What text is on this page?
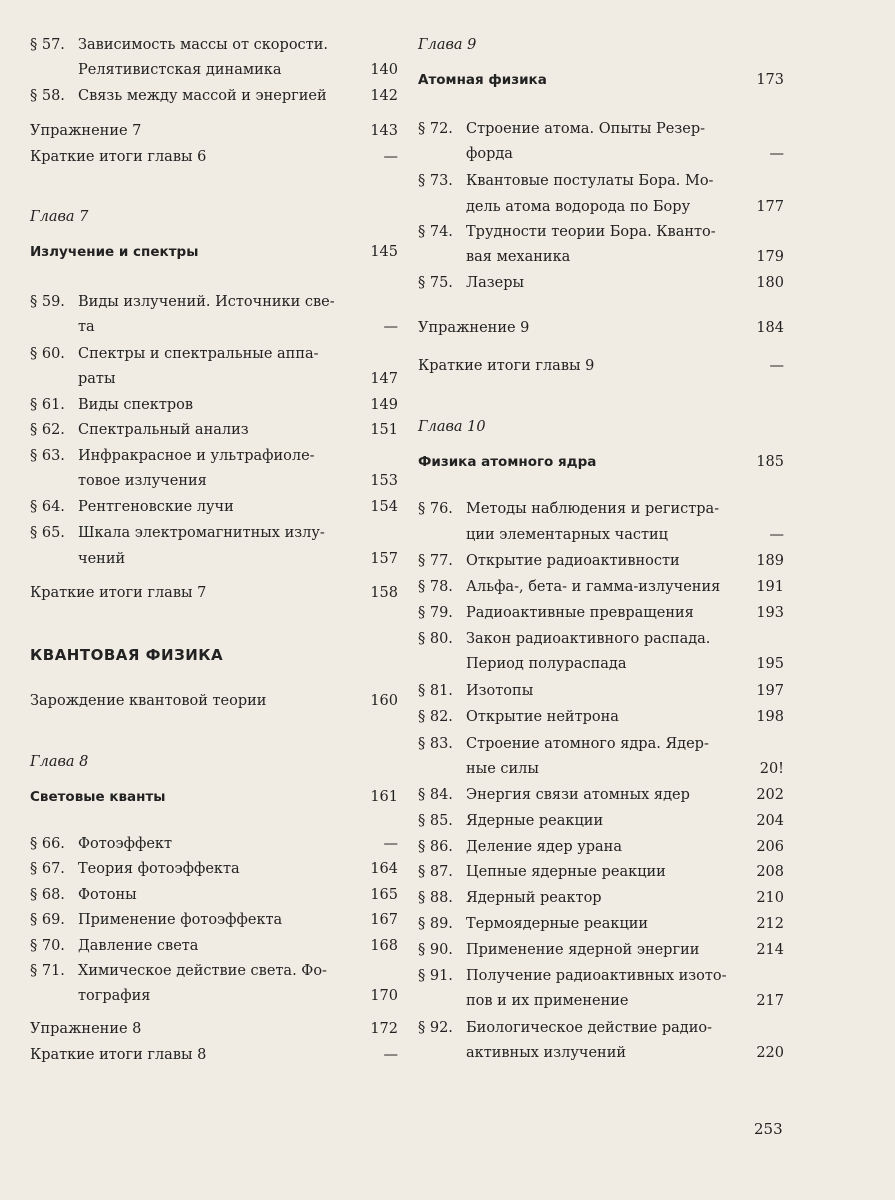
§ 57. Зависимость массы от скорости.
Релятивистская динамика	140
§ 58. Связь между массой и энергией	142
Упражнение 7	143
Краткие итоги главы 6	—
Глава 7
Излучение и спектры	145
§ 59. Виды излучений. Источники све-
та	—
§ 60. Спектры и спектральные аппа-
раты	147
§ 61. Виды спектров	149
§ 62. Спектральный анализ	151
§ 63. Инфракрасное и ультрафиоле-
товое излучения	153
§ 64. Рентгеновские лучи	154
§ 65. Шкала электромагнитных излу-
чений	157
Краткие итоги главы 7	158
КВАНТОВАЯ ФИЗИКА
Зарождение квантовой теории	160
Глава 8
Световые кванты	161
§ 66. Фотоэффект	—
§ 67. Теория фотоэффекта	164
§ 68. Фотоны	165
§ 69. Применение фотоэффекта	167
§ 70. Давление света	168
§ 71. Химическое действие света. Фо-
тография	170
Упражнение 8	172
Краткие итоги главы 8	—
Глава 9
Атомная физика	173
§ 72. Строение атома. Опыты Резер-
форда	—
§ 73. Квантовые постулаты Бора. Мо-
дель атома водорода по Бору	177
§ 74. Трудности теории Бора. Кванто-
вая механика	179
§ 75. Лазеры	180
Упражнение 9	184
Краткие итоги главы 9	—
Глава 10
Физика атомного ядра	185
§ 76. Методы наблюдения и регистра-
ции элементарных частиц	—
§ 77. Открытие радиоактивности	189
§ 78. Альфа-, бета- и гамма-излучения 191
§ 79. Радиоактивные превращения	193
§ 80. Закон радиоактивного распада.
Период полураспада	195
§ 81. Изотопы	197
§ 82. Открытие нейтрона	198
§ 83. Строение атомного ядра. Ядер-
ные силы	20!
§ 84. Энергия связи атомных ядер	202
§ 85. Ядерные реакции	204
§ 86. Деление ядер урана	206
§ 87. Цепные ядерные реакции	208
§ 88. Ядерный реактор	210
§ 89. Термоядерные реакции	212
§ 90. Применение ядерной энергии	214
§ 91. Получение радиоактивных изото-
пов и их применение	217
§ 92. Биологическое действие радио-
активных излучений	220
253
